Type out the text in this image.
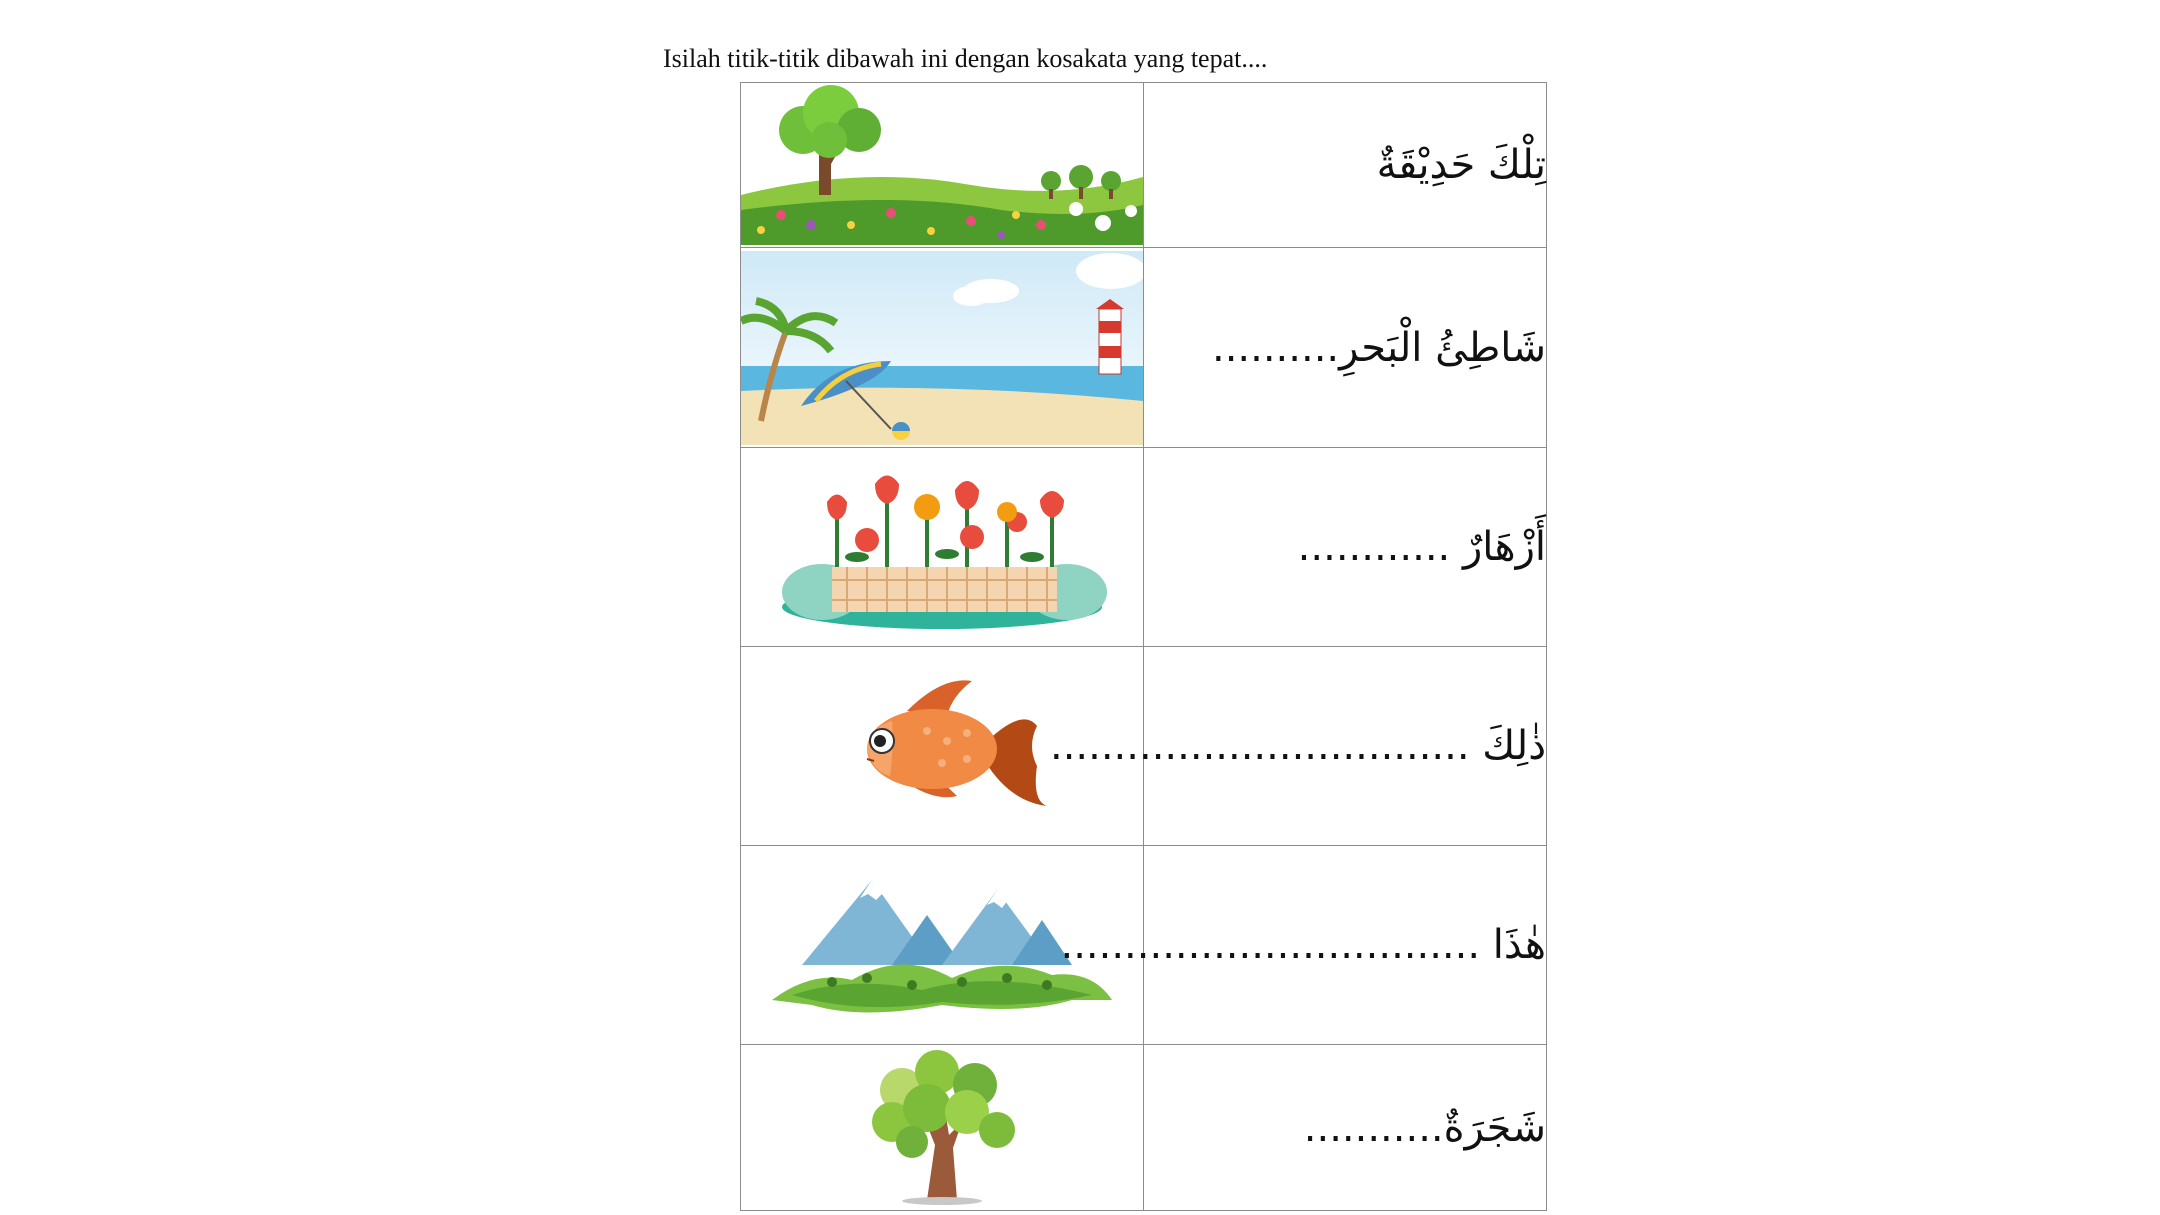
Isilah titik-titik dibawah ini dengan kosakata yang tepat....
	تِلْكَ حَدِيْقَةٌ

	شَاطِئُ الْبَحرِ..........

	أَزْهَارٌ ............

	ذٰلِكَ .................................

	هٰذَا .................................

	شَجَرَةٌ...........
